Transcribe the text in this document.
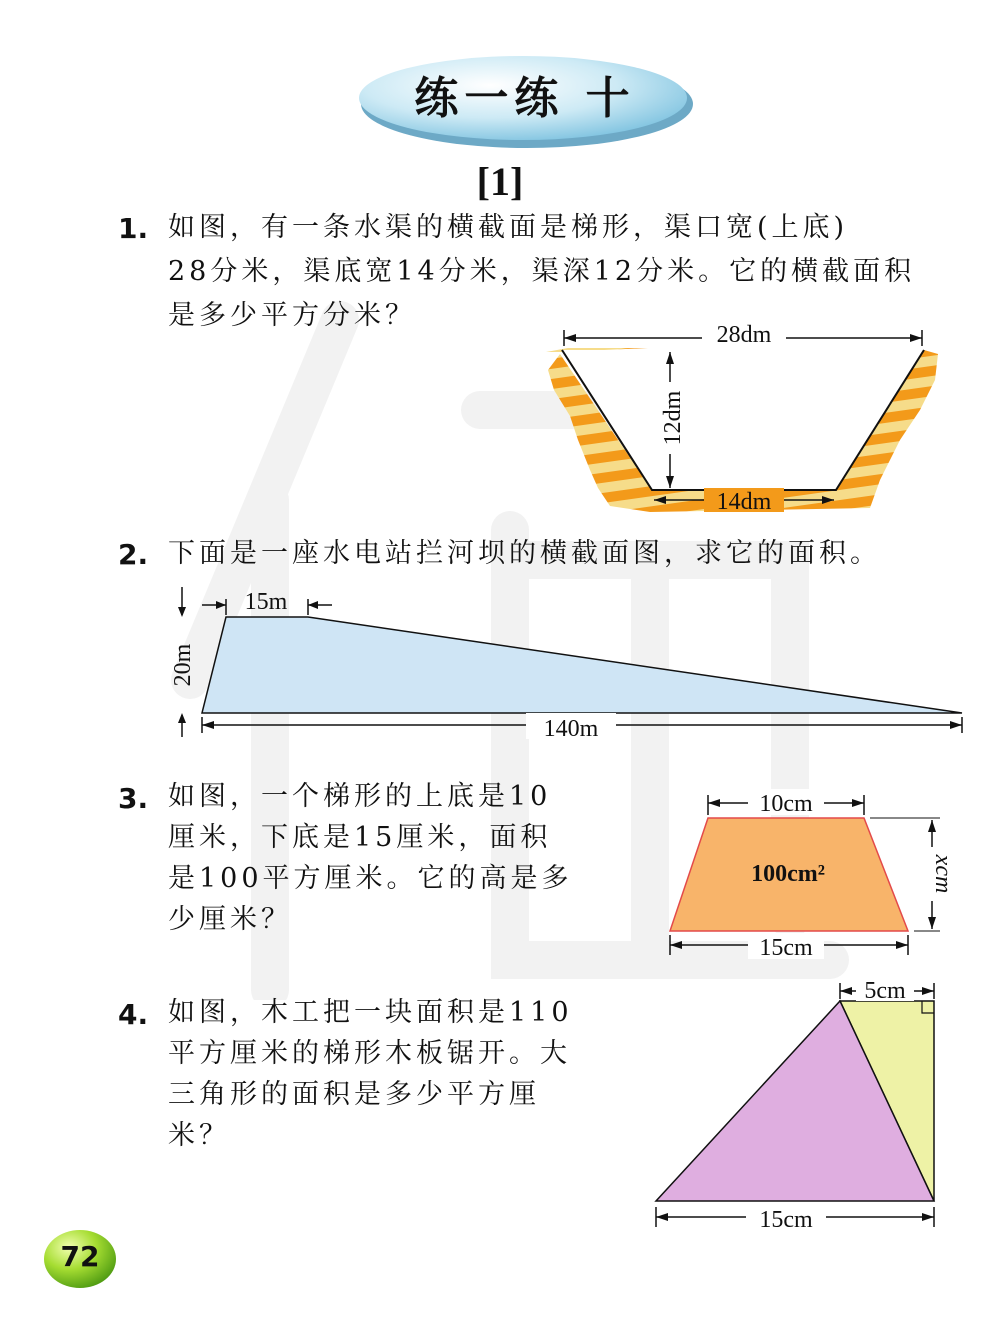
练一练 十
[1]
1. 如图，有一条水渠的横截面是梯形，渠口宽(上底)
28分米，渠底宽14分米，渠深12分米。它的横截面积
是多少平方分米？
28dm
12dm
14dm
2. 下面是一座水电站拦河坝的横截面图，求它的面积。
15m
20m
140m
3. 如图，一个梯形的上底是10
厘米，下底是15厘米，面积
是100平方厘米。它的高是多
少厘米？
10cm
100cm²	xcm
15cm
4. 如图，木工把一块面积是110
平方厘米的梯形木板锯开。大
三角形的面积是多少平方厘
米？
5cm
15cm
72
